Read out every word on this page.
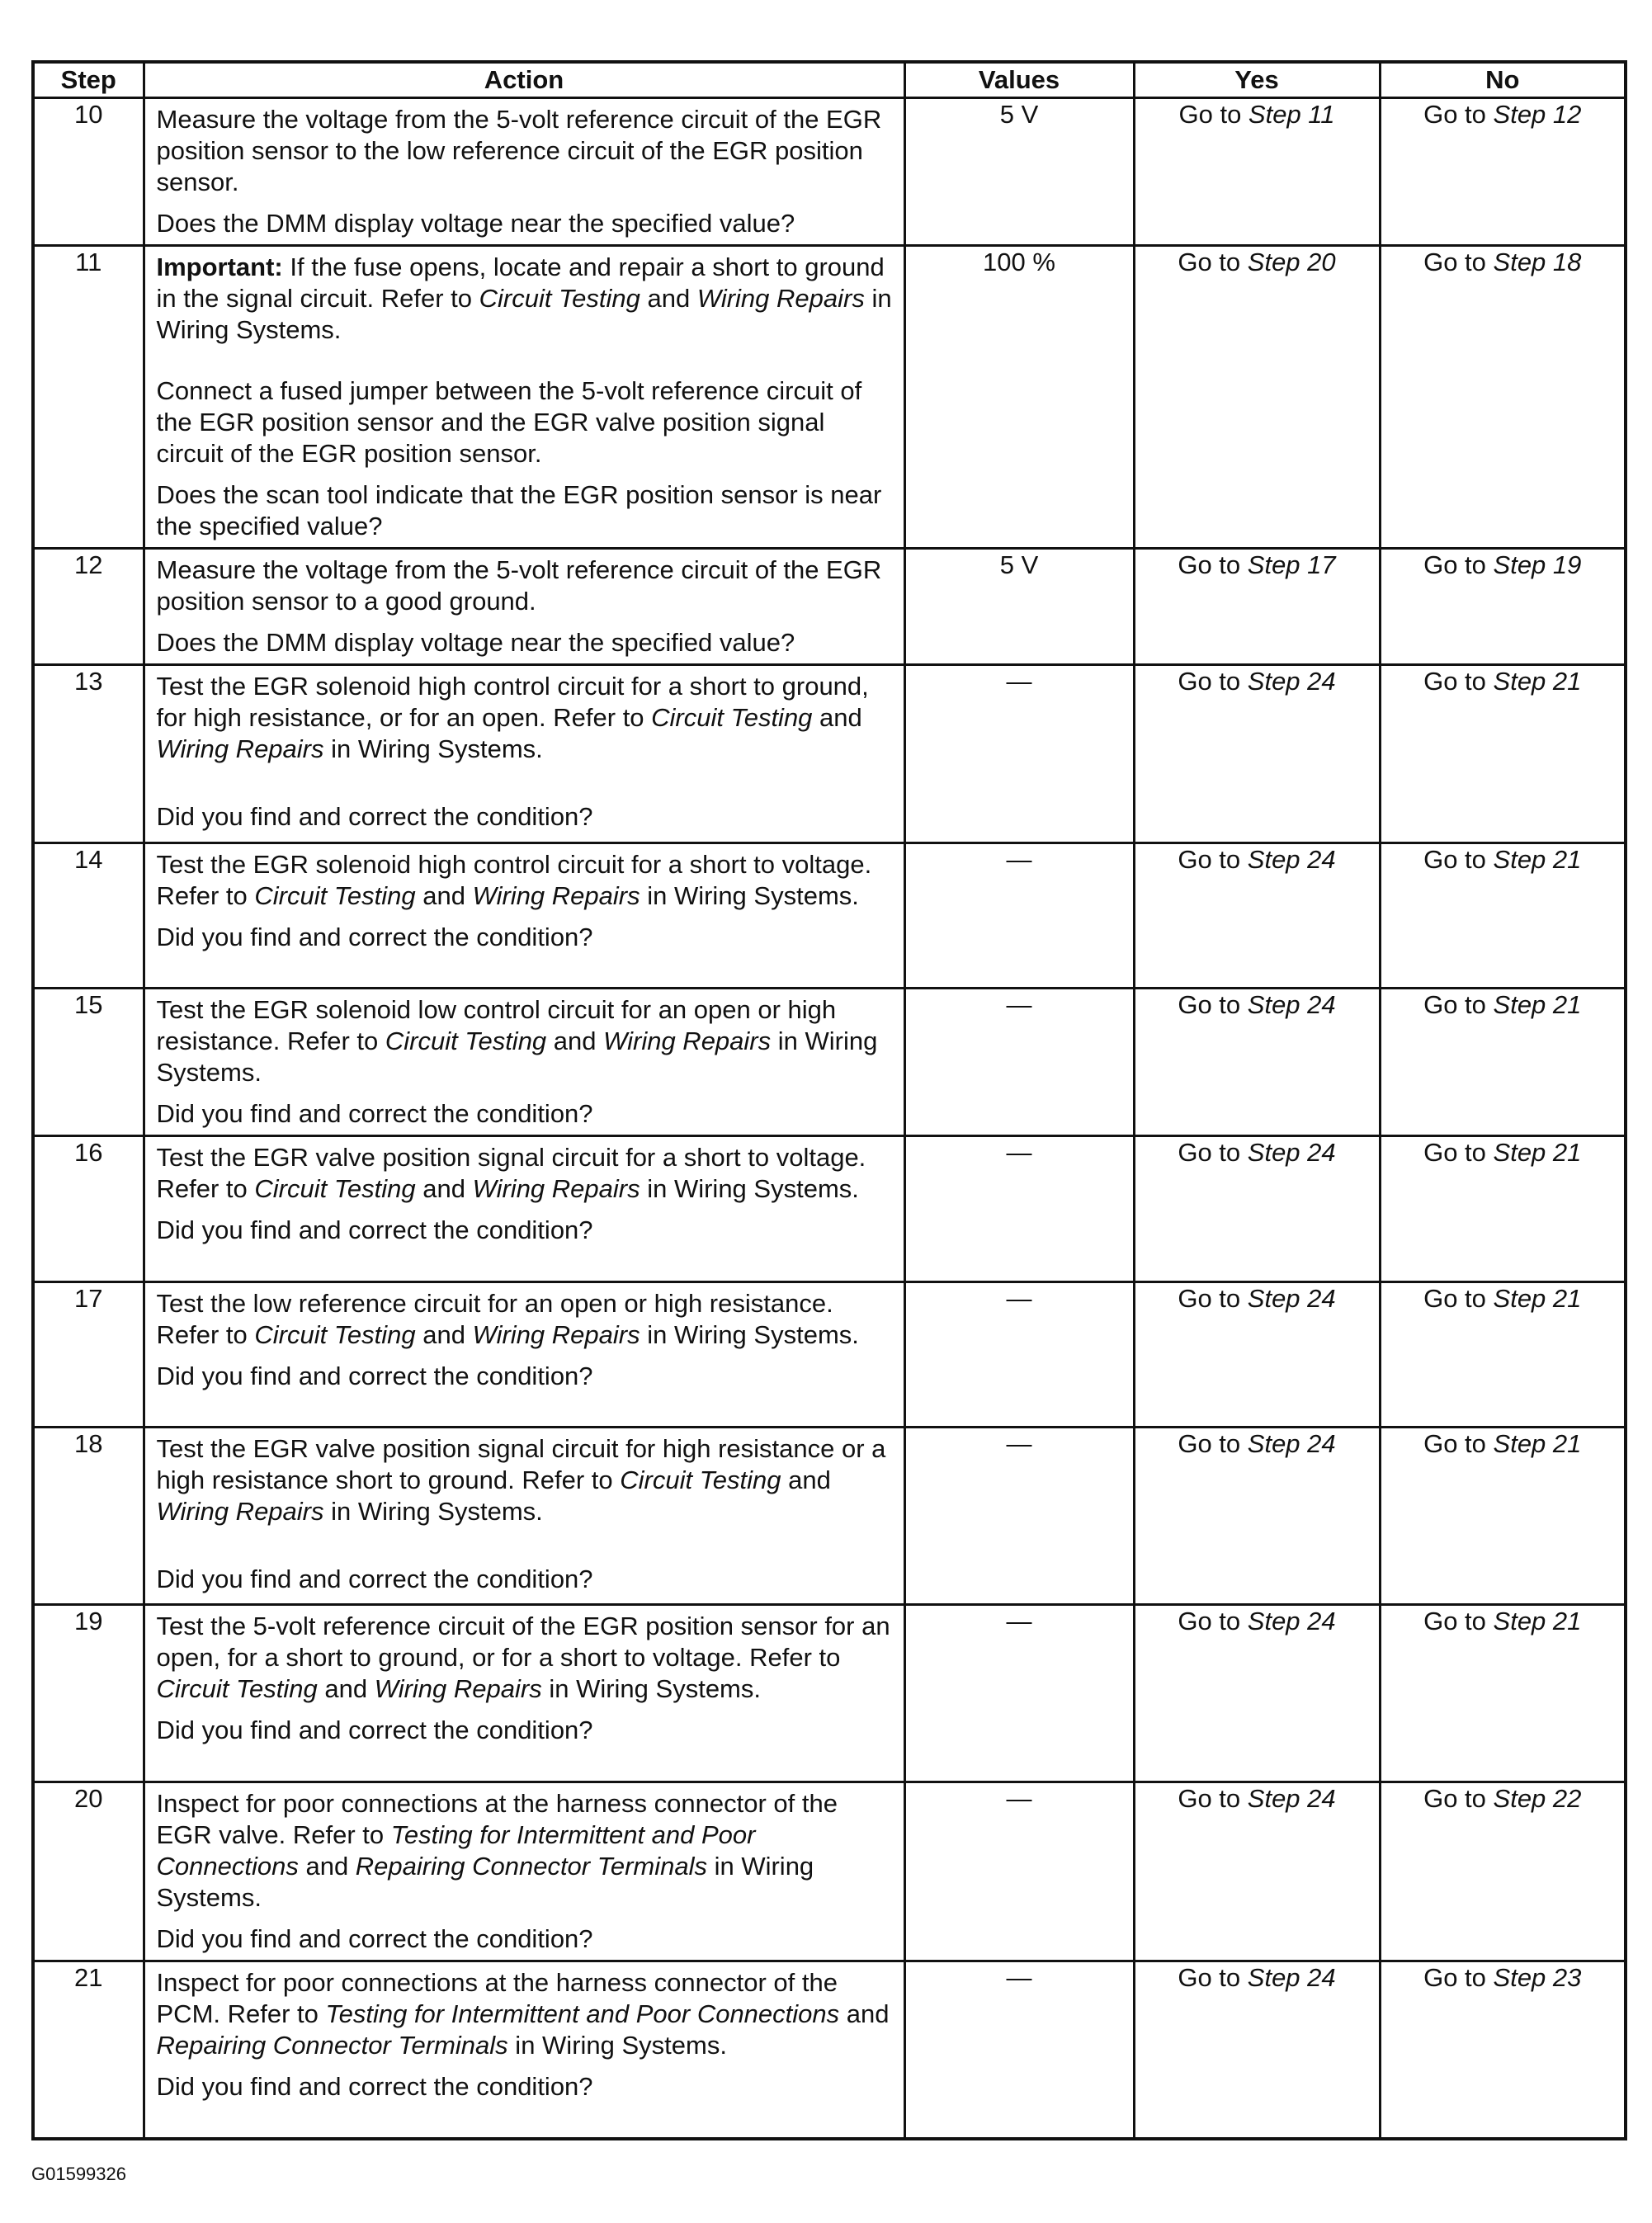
Step	Action	Values	Yes	No
10	Measure the voltage from the 5-volt reference circuit of the EGR position sensor to the low reference circuit of the EGR position sensor.

Does the DMM display voltage near the specified value?	5 V	Go to Step 11	Go to Step 12
11	Important: If the fuse opens, locate and repair a short to ground in the signal circuit. Refer to Circuit Testing and Wiring Repairs in Wiring Systems.

Connect a fused jumper between the 5-volt reference circuit of the EGR position sensor and the EGR valve position signal circuit of the EGR position sensor.

Does the scan tool indicate that the EGR position sensor is near the specified value?	100 %	Go to Step 20	Go to Step 18
12	Measure the voltage from the 5-volt reference circuit of the EGR position sensor to a good ground.

Does the DMM display voltage near the specified value?	5 V	Go to Step 17	Go to Step 19
13	Test the EGR solenoid high control circuit for a short to ground, for high resistance, or for an open. Refer to Circuit Testing and Wiring Repairs in Wiring Systems.

Did you find and correct the condition?	—	Go to Step 24	Go to Step 21
14	Test the EGR solenoid high control circuit for a short to voltage. Refer to Circuit Testing and Wiring Repairs in Wiring Systems.

Did you find and correct the condition?	—	Go to Step 24	Go to Step 21
15	Test the EGR solenoid low control circuit for an open or high resistance. Refer to Circuit Testing and Wiring Repairs in Wiring Systems.

Did you find and correct the condition?	—	Go to Step 24	Go to Step 21
16	Test the EGR valve position signal circuit for a short to voltage. Refer to Circuit Testing and Wiring Repairs in Wiring Systems.

Did you find and correct the condition?	—	Go to Step 24	Go to Step 21
17	Test the low reference circuit for an open or high resistance. Refer to Circuit Testing and Wiring Repairs in Wiring Systems.

Did you find and correct the condition?	—	Go to Step 24	Go to Step 21
18	Test the EGR valve position signal circuit for high resistance or a high resistance short to ground. Refer to Circuit Testing and Wiring Repairs in Wiring Systems.

Did you find and correct the condition?	—	Go to Step 24	Go to Step 21
19	Test the 5-volt reference circuit of the EGR position sensor for an open, for a short to ground, or for a short to voltage. Refer to Circuit Testing and Wiring Repairs in Wiring Systems.

Did you find and correct the condition?	—	Go to Step 24	Go to Step 21
20	Inspect for poor connections at the harness connector of the EGR valve. Refer to Testing for Intermittent and Poor Connections and Repairing Connector Terminals in Wiring Systems.

Did you find and correct the condition?	—	Go to Step 24	Go to Step 22
21	Inspect for poor connections at the harness connector of the PCM. Refer to Testing for Intermittent and Poor Connections and Repairing Connector Terminals in Wiring Systems.

Did you find and correct the condition?	—	Go to Step 24	Go to Step 23
G01599326
